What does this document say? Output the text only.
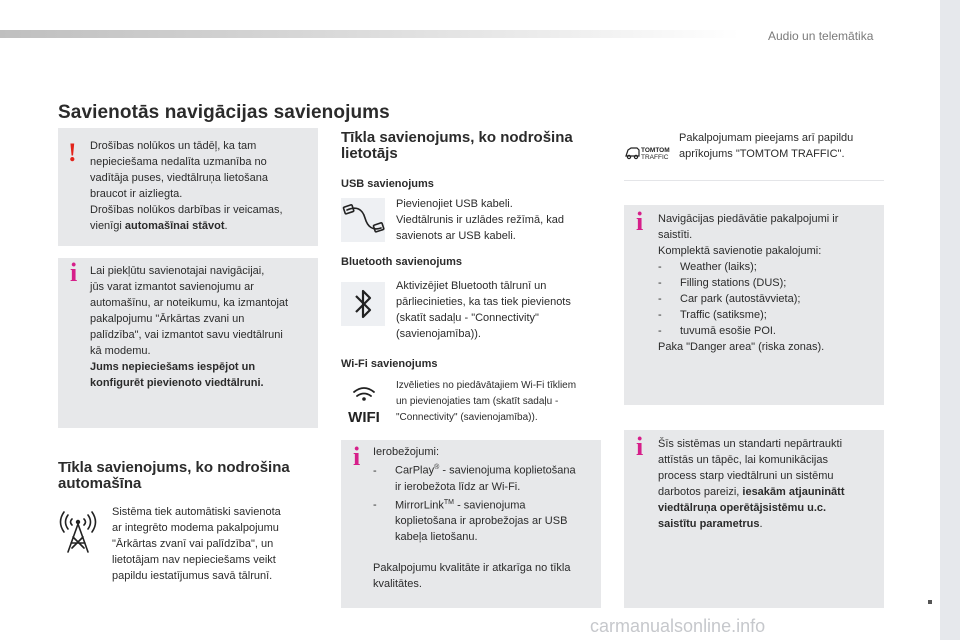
Audio un telemātika
Savienotās navigācijas savienojums
! Drošības nolūkos un tādēļ, ka tam
nepieciešama nedalīta uzmanība no
vadītāja puses, viedtālruņa lietošana
braucot ir aizliegta.
Drošības nolūkos darbības ir veicamas,
vienīgi automašīnai stāvot.
i Lai piekļūtu savienotajai navigācijai,
jūs varat izmantot savienojumu ar
automašīnu, ar noteikumu, ka izmantojat
pakalpojumu "Ārkārtas zvani un
palīdzība", vai izmantot savu viedtālruni
kā modemu.
Jums nepieciešams iespējot un
konfigurēt pievienoto viedtālruni.
Tīkla savienojums, ko nodrošina
automašīna
Sistēma tiek automātiski savienota
ar integrēto modema pakalpojumu
"Ārkārtas zvanī vai palīdzība", un
lietotājam nav nepieciešams veikt
papildu iestatījumus savā tālrunī.
Tīkla savienojums, ko nodrošina
lietotājs
USB savienojums
Pievienojiet USB kabeli.
Viedtālrunis ir uzlādes režīmā, kad
savienots ar USB kabeli.
Bluetooth savienojums
Aktivizējiet Bluetooth tālrunī un
pārliecinieties, ka tas tiek pievienots
(skatīt sadaļu - "Connectivity"
(savienojamība)).
Wi-Fi savienojums
WIFI
Izvēlieties no piedāvātajiem Wi-Fi tīkliem
un pievienojaties tam (skatīt sadaļu -
"Connectivity" (savienojamība)).
i Ierobežojumi:
- CarPlay® - savienojuma koplietošana
ir ierobežota līdz ar Wi-Fi.
- MirrorLink™ - savienojuma
koplietošana ir aprobežojas ar USB
kabeļa lietošanu.
Pakalpojumu kvalitāte ir atkarīga no tīkla
kvalitātes.
TOMTOM
TRAFFIC
Pakalpojumam pieejams arī papildu
aprīkojums "TOMTOM TRAFFIC".
i Navigācijas piedāvātie pakalpojumi ir
saistīti.
Komplektā savienotie pakalojumi:
- Weather (laiks);
- Filling stations (DUS);
- Car park (autostāvvieta);
- Traffic (satiksme);
- tuvumā esošie POI.
Paka "Danger area" (riska zonas).
i Šīs sistēmas un standarti nepārtraukti
attīstās un tāpēc, lai komunikācijas
process starp viedtālruni un sistēmu
darbotos pareizi, iesakām atjauninātt
viedtālruņa operētājsistēmu u.c.
saistītu parametrus.
carmanualsonline.info	359
